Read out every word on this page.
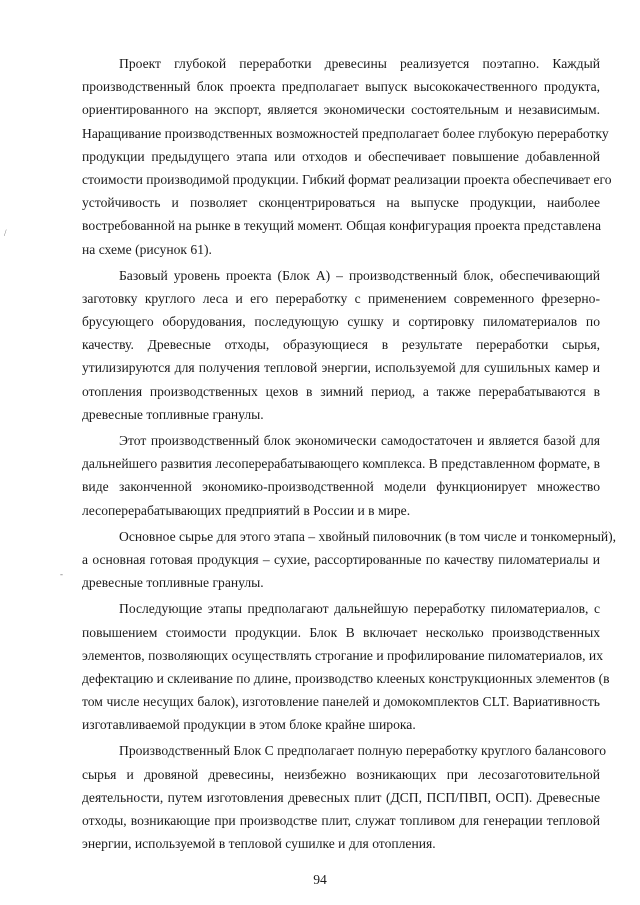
/
-
Проект глубокой переработки древесины реализуется поэтапно. Каждый
производственный блок проекта предполагает выпуск высококачественного продукта,
ориентированного на экспорт, является экономически состоятельным и независимым.
Наращивание производственных возможностей предполагает более глубокую переработку
продукции предыдущего этапа или отходов и обеспечивает повышение добавленной
стоимости производимой продукции. Гибкий формат реализации проекта обеспечивает его
устойчивость и позволяет сконцентрироваться на выпуске продукции, наиболее
востребованной на рынке в текущий момент. Общая конфигурация проекта представлена
на схеме (рисунок 61).
Базовый уровень проекта (Блок А) – производственный блок, обеспечивающий
заготовку круглого леса и его переработку с применением современного фрезерно-
брусующего оборудования, последующую сушку и сортировку пиломатериалов по
качеству. Древесные отходы, образующиеся в результате переработки сырья,
утилизируются для получения тепловой энергии, используемой для сушильных камер и
отопления производственных цехов в зимний период, а также перерабатываются в
древесные топливные гранулы.
Этот производственный блок экономически самодостаточен и является базой для
дальнейшего развития лесоперерабатывающего комплекса. В представленном формате, в
виде законченной экономико-производственной модели функционирует множество
лесоперерабатывающих предприятий в России и в мире.
Основное сырье для этого этапа – хвойный пиловочник (в том числе и тонкомерный),
а основная готовая продукция – сухие, рассортированные по качеству пиломатериалы и
древесные топливные гранулы.
Последующие этапы предполагают дальнейшую переработку пиломатериалов, с
повышением стоимости продукции. Блок В включает несколько производственных
элементов, позволяющих осуществлять строгание и профилирование пиломатериалов, их
дефектацию и склеивание по длине, производство клееных конструкционных элементов (в
том числе несущих балок), изготовление панелей и домокомплектов CLT. Вариативность
изготавливаемой продукции в этом блоке крайне широка.
Производственный Блок С предполагает полную переработку круглого балансового
сырья и дровяной древесины, неизбежно возникающих при лесозаготовительной
деятельности, путем изготовления древесных плит (ДСП, ПСП/ПВП, ОСП). Древесные
отходы, возникающие при производстве плит, служат топливом для генерации тепловой
энергии, используемой в тепловой сушилке и для отопления.
94
